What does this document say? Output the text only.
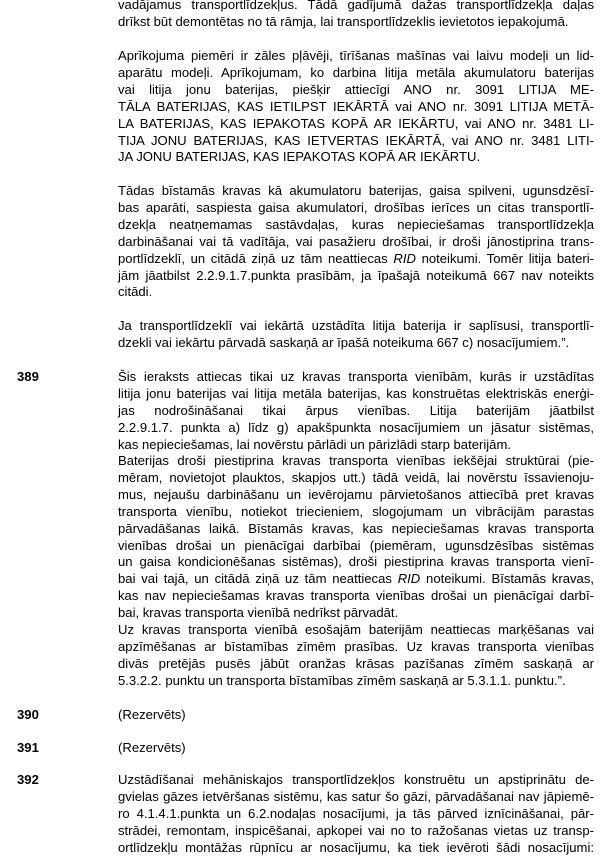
vadājamus transportlīdzekļus. Tādā gadījumā dažas transportlīdzekļa daļas
drīkst būt demontētas no tā rāmja, lai transportlīdzeklis ievietotos iepakojumā.
Aprīkojuma piemēri ir zāles pļāvēji, tīrīšanas mašīnas vai laivu modeļi un lid-
aparātu modeļi. Aprīkojumam, ko darbina litija metāla akumulatoru baterijas
vai litija jonu baterijas, piešķir attiecīgi ANO nr. 3091 LITIJA ME-
TĀLA BATERIJAS, KAS IETILPST IEKĀRTĀ vai ANO nr. 3091 LITIJA METĀ-
LA BATERIJAS, KAS IEPAKOTAS KOPĀ AR IEKĀRTU, vai ANO nr. 3481 LI-
TIJA JONU BATERIJAS, KAS IETVERTAS IEKĀRTĀ, vai ANO nr. 3481 LITI-
JA JONU BATERIJAS, KAS IEPAKOTAS KOPĀ AR IEKĀRTU.
Tādas bīstamās kravas kā akumulatoru baterijas, gaisa spilveni, ugunsdzēsī-
bas aparāti, saspiesta gaisa akumulatori, drošības ierīces un citas transportlī-
dzekļa neatņemamas sastāvdaļas, kuras nepieciešamas transportlīdzekļa
darbināšanai vai tā vadītāja, vai pasažieru drošībai, ir droši jānostiprina trans-
portlīdzeklī, un citādā ziņā uz tām neattiecas RID noteikumi. Tomēr litija bateri-
jām jāatbilst 2.2.9.1.7.punkta prasībām, ja īpašajā noteikumā 667 nav noteikts
citādi.
Ja transportlīdzeklī vai iekārtā uzstādīta litija baterija ir saplīsusi, transportlī-
dzekli vai iekārtu pārvadā saskaņā ar īpašā noteikuma 667 c) nosacījumiem.”.
389	Šis ieraksts attiecas tikai uz kravas transporta vienībām, kurās ir uzstādītas
litija jonu baterijas vai litija metāla baterijas, kas konstruētas elektriskās enerģi-
jas nodrošināšanai tikai ārpus vienības. Litija baterijām jāatbilst
2.2.9.1.7. punkta a) līdz g) apakšpunkta nosacījumiem un jāsatur sistēmas,
kas nepieciešamas, lai novērstu pārlādi un pārizlādi starp baterijām.
Baterijas droši piestiprina kravas transporta vienības iekšējai struktūrai (pie-
mēram, novietojot plauktos, skapjos utt.) tādā veidā, lai novērstu īssavienoju-
mus, nejaušu darbināšanu un ievērojamu pārvietošanos attiecībā pret kravas
transporta vienību, notiekot triecieniem, slogojumam un vibrācijām parastas
pārvadāšanas laikā. Bīstamās kravas, kas nepieciešamas kravas transporta
vienības drošai un pienācīgai darbībai (piemēram, ugunsdzēsības sistēmas
un gaisa kondicionēšanas sistēmas), droši piestiprina kravas transporta vienī-
bai vai tajā, un citādā ziņā uz tām neattiecas RID noteikumi. Bīstamās kravas,
kas nav nepieciešamas kravas transporta vienības drošai un pienācīgai darbī-
bai, kravas transporta vienībā nedrīkst pārvadāt.
Uz kravas transporta vienībā esošajām baterijām neattiecas marķēšanas vai
apzīmēšanas ar bīstamības zīmēm prasības. Uz kravas transporta vienības
divās pretējās pusēs jābūt oranžas krāsas pazīšanas zīmēm saskaņā ar
5.3.2.2. punktu un transporta bīstamības zīmēm saskaņā ar 5.3.1.1. punktu.”.
390	(Rezervēts)
391	(Rezervēts)
392	Uzstādīšanai mehāniskajos transportlīdzekļos konstruētu un apstiprinātu de-
gvielas gāzes ietvēršanas sistēmu, kas satur šo gāzi, pārvadāšanai nav jāpiemē-
ro 4.1.4.1.punkta un 6.2.nodaļas nosacījumi, ja tās pārved iznīcināšanai, pār-
strādei, remontam, inspicēšanai, apkopei vai no to ražošanas vietas uz transp-
ortlīdzekļu montāžas rūpnīcu ar nosacījumu, ka tiek ievēroti šādi nosacījumi:
